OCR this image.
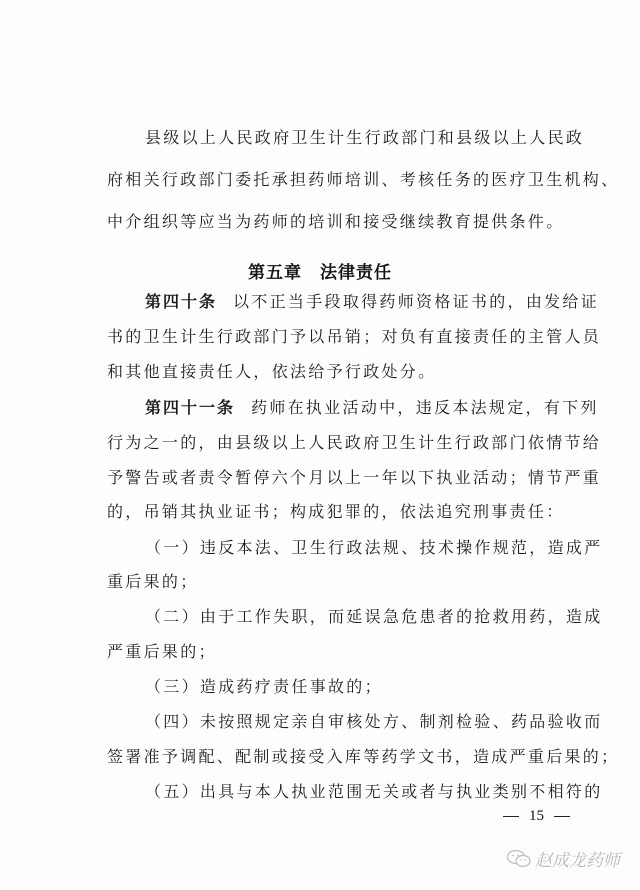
县级以上人民政府卫生计生行政部门和县级以上人民政
府相关行政部门委托承担药师培训、考核任务的医疗卫生机构、
中介组织等应当为药师的培训和接受继续教育提供条件。
第五章 法律责任
第四十条 以不正当手段取得药师资格证书的，由发给证
书的卫生计生行政部门予以吊销；对负有直接责任的主管人员
和其他直接责任人，依法给予行政处分。
第四十一条 药师在执业活动中，违反本法规定，有下列
行为之一的，由县级以上人民政府卫生计生行政部门依情节给
予警告或者责令暂停六个月以上一年以下执业活动；情节严重
的，吊销其执业证书；构成犯罪的，依法追究刑事责任：
（一）违反本法、卫生行政法规、技术操作规范，造成严
重后果的；
（二）由于工作失职，而延误急危患者的抢救用药，造成
严重后果的；
（三）造成药疗责任事故的；
（四）未按照规定亲自审核处方、制剂检验、药品验收而
签署准予调配、配制或接受入库等药学文书，造成严重后果的；
（五）出具与本人执业范围无关或者与执业类别不相符的
15
赵成龙药师
